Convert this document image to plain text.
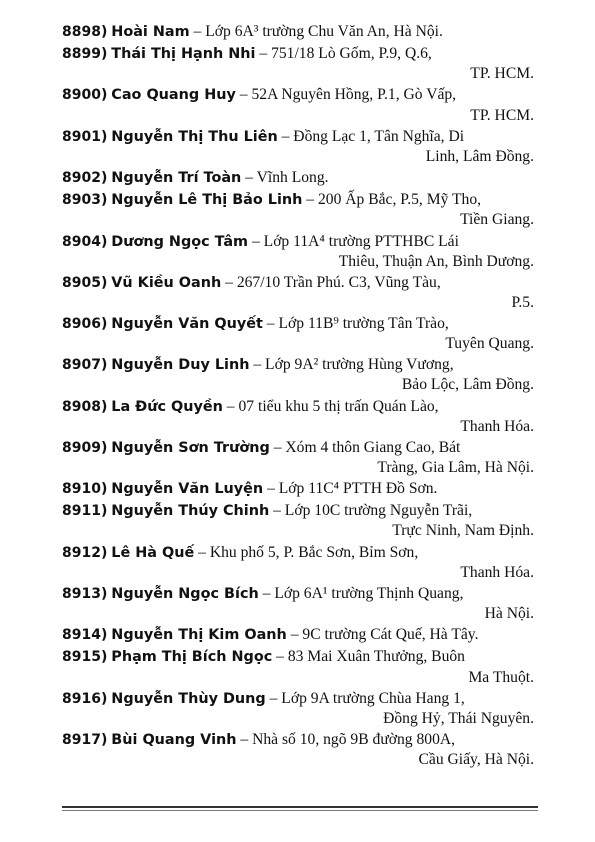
8898) Hoài Nam – Lớp 6A³ trường Chu Văn An, Hà Nội.
8899) Thái Thị Hạnh Nhi – 751/18 Lò Gốm, P.9, Q.6,
TP. HCM.
8900) Cao Quang Huy – 52A Nguyên Hồng, P.1, Gò Vấp,
TP. HCM.
8901) Nguyễn Thị Thu Liên – Đồng Lạc 1, Tân Nghĩa, Di
Linh, Lâm Đồng.
8902) Nguyễn Trí Toàn – Vĩnh Long.
8903) Nguyễn Lê Thị Bảo Linh – 200 Ấp Bắc, P.5, Mỹ Tho,
Tiền Giang.
8904) Dương Ngọc Tâm – Lớp 11A⁴ trường PTTHBC Lái
Thiêu, Thuận An, Bình Dương.
8905) Vũ Kiều Oanh – 267/10 Trần Phú. C3, Vũng Tàu,
P.5.
8906) Nguyễn Văn Quyết – Lớp 11B⁹ trường Tân Trào,
Tuyên Quang.
8907) Nguyễn Duy Linh – Lớp 9A² trường Hùng Vương,
Bảo Lộc, Lâm Đồng.
8908) La Đức Quyền – 07 tiểu khu 5 thị trấn Quán Lào,
Thanh Hóa.
8909) Nguyễn Sơn Trường – Xóm 4 thôn Giang Cao, Bát
Tràng, Gia Lâm, Hà Nội.
8910) Nguyễn Văn Luyện – Lớp 11C⁴ PTTH Đồ Sơn.
8911) Nguyễn Thúy Chinh – Lớp 10C trường Nguyễn Trãi,
Trực Ninh, Nam Định.
8912) Lê Hà Quế – Khu phố 5, P. Bắc Sơn, Bỉm Sơn,
Thanh Hóa.
8913) Nguyễn Ngọc Bích – Lớp 6A¹ trường Thịnh Quang,
Hà Nội.
8914) Nguyễn Thị Kim Oanh – 9C trường Cát Quế, Hà Tây.
8915) Phạm Thị Bích Ngọc – 83 Mai Xuân Thưởng, Buôn
Ma Thuột.
8916) Nguyễn Thùy Dung – Lớp 9A trường Chùa Hang 1,
Đồng Hỷ, Thái Nguyên.
8917) Bùi Quang Vinh – Nhà số 10, ngõ 9B đường 800A,
Cầu Giấy, Hà Nội.
